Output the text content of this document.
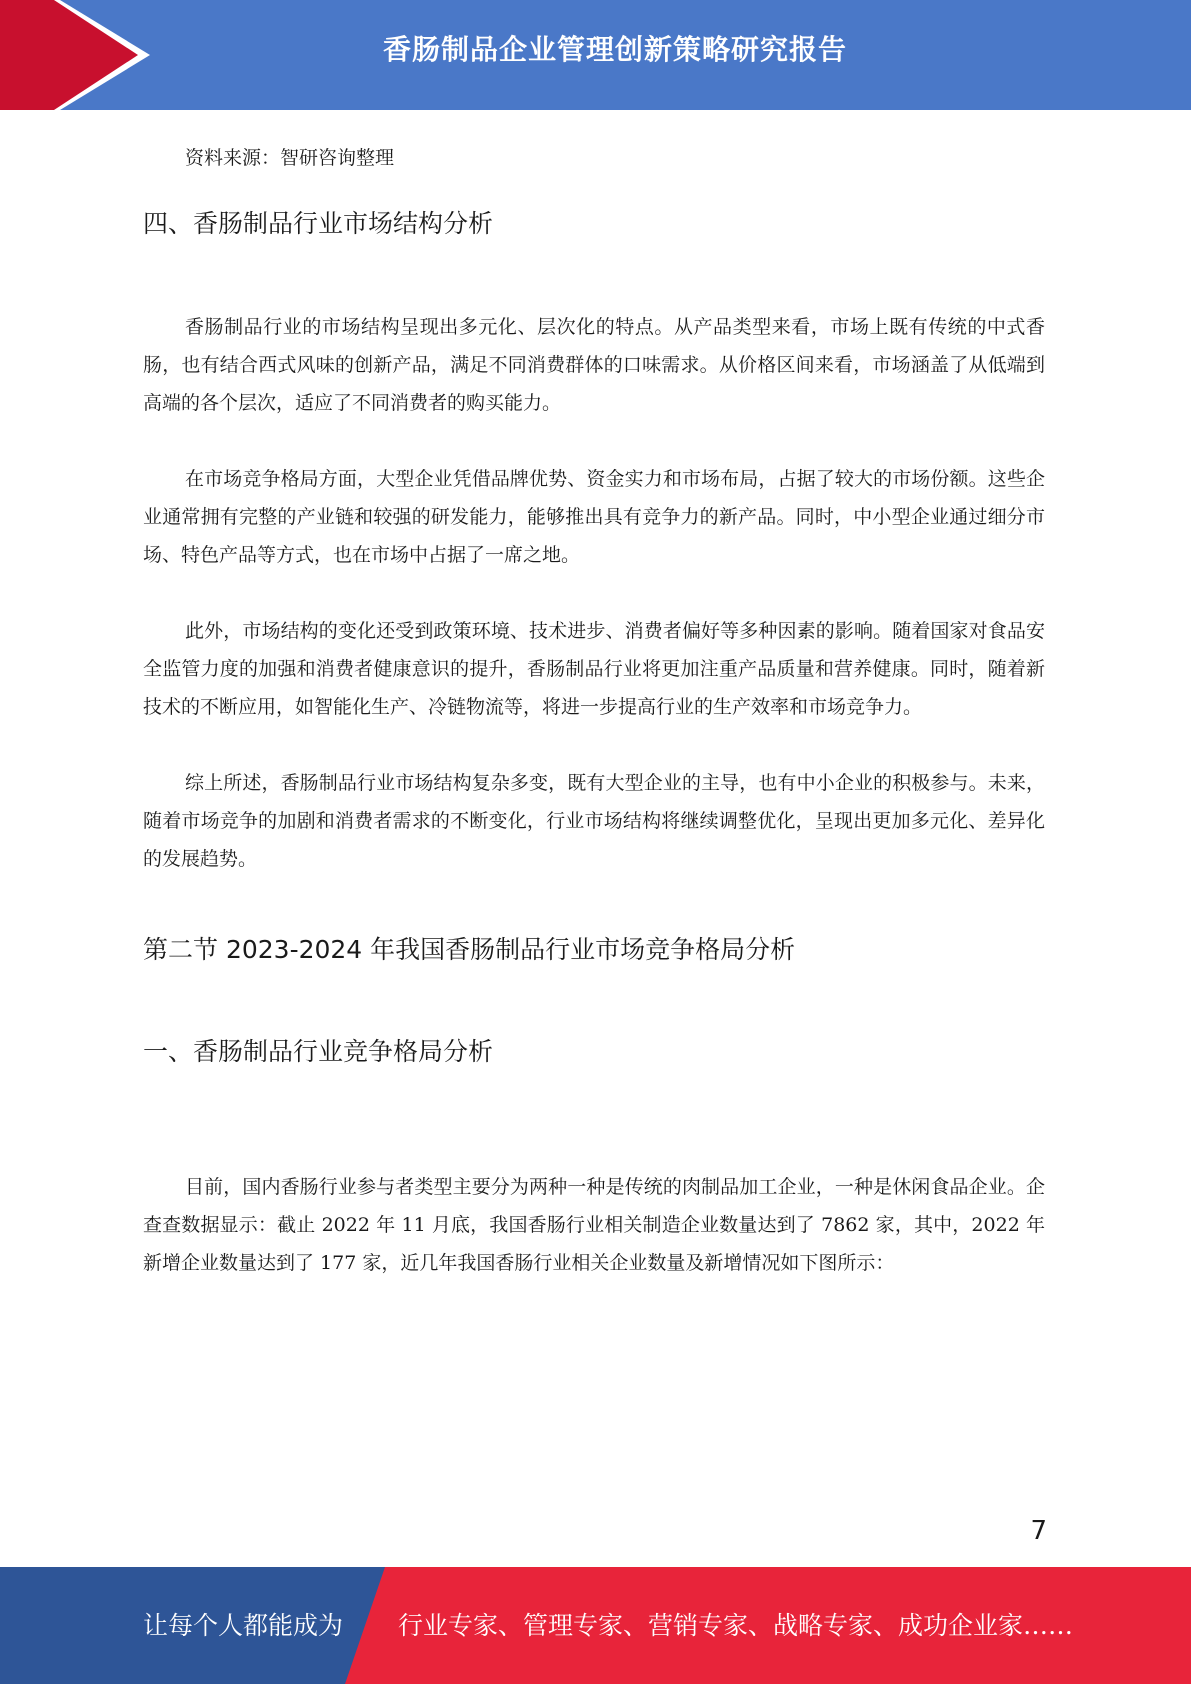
香肠制品企业管理创新策略研究报告
资料来源：智研咨询整理
四、香肠制品行业市场结构分析

香肠制品行业的市场结构呈现出多元化、层次化的特点。从产品类型来看，市场上既有传统的中式香肠，也有结合西式风味的创新产品，满足不同消费群体的口味需求。从价格区间来看，市场涵盖了从低端到高端的各个层次，适应了不同消费者的购买能力。

在市场竞争格局方面，大型企业凭借品牌优势、资金实力和市场布局，占据了较大的市场份额。这些企业通常拥有完整的产业链和较强的研发能力，能够推出具有竞争力的新产品。同时，中小型企业通过细分市场、特色产品等方式，也在市场中占据了一席之地。

此外，市场结构的变化还受到政策环境、技术进步、消费者偏好等多种因素的影响。随着国家对食品安全监管力度的加强和消费者健康意识的提升，香肠制品行业将更加注重产品质量和营养健康。同时，随着新技术的不断应用，如智能化生产、冷链物流等，将进一步提高行业的生产效率和市场竞争力。

综上所述，香肠制品行业市场结构复杂多变，既有大型企业的主导，也有中小企业的积极参与。未来，随着市场竞争的加剧和消费者需求的不断变化，行业市场结构将继续调整优化，呈现出更加多元化、差异化的发展趋势。

第二节 2023-2024 年我国香肠制品行业市场竞争格局分析
一、香肠制品行业竞争格局分析

目前，国内香肠行业参与者类型主要分为两种一种是传统的肉制品加工企业，一种是休闲食品企业。企查查数据显示：截止 2022 年 11 月底，我国香肠行业相关制造企业数量达到了 7862 家，其中，2022 年新增企业数量达到了 177 家，近几年我国香肠行业相关企业数量及新增情况如下图所示：

7
让每个人都能成为 行业专家、管理专家、营销专家、战略专家、成功企业家……
